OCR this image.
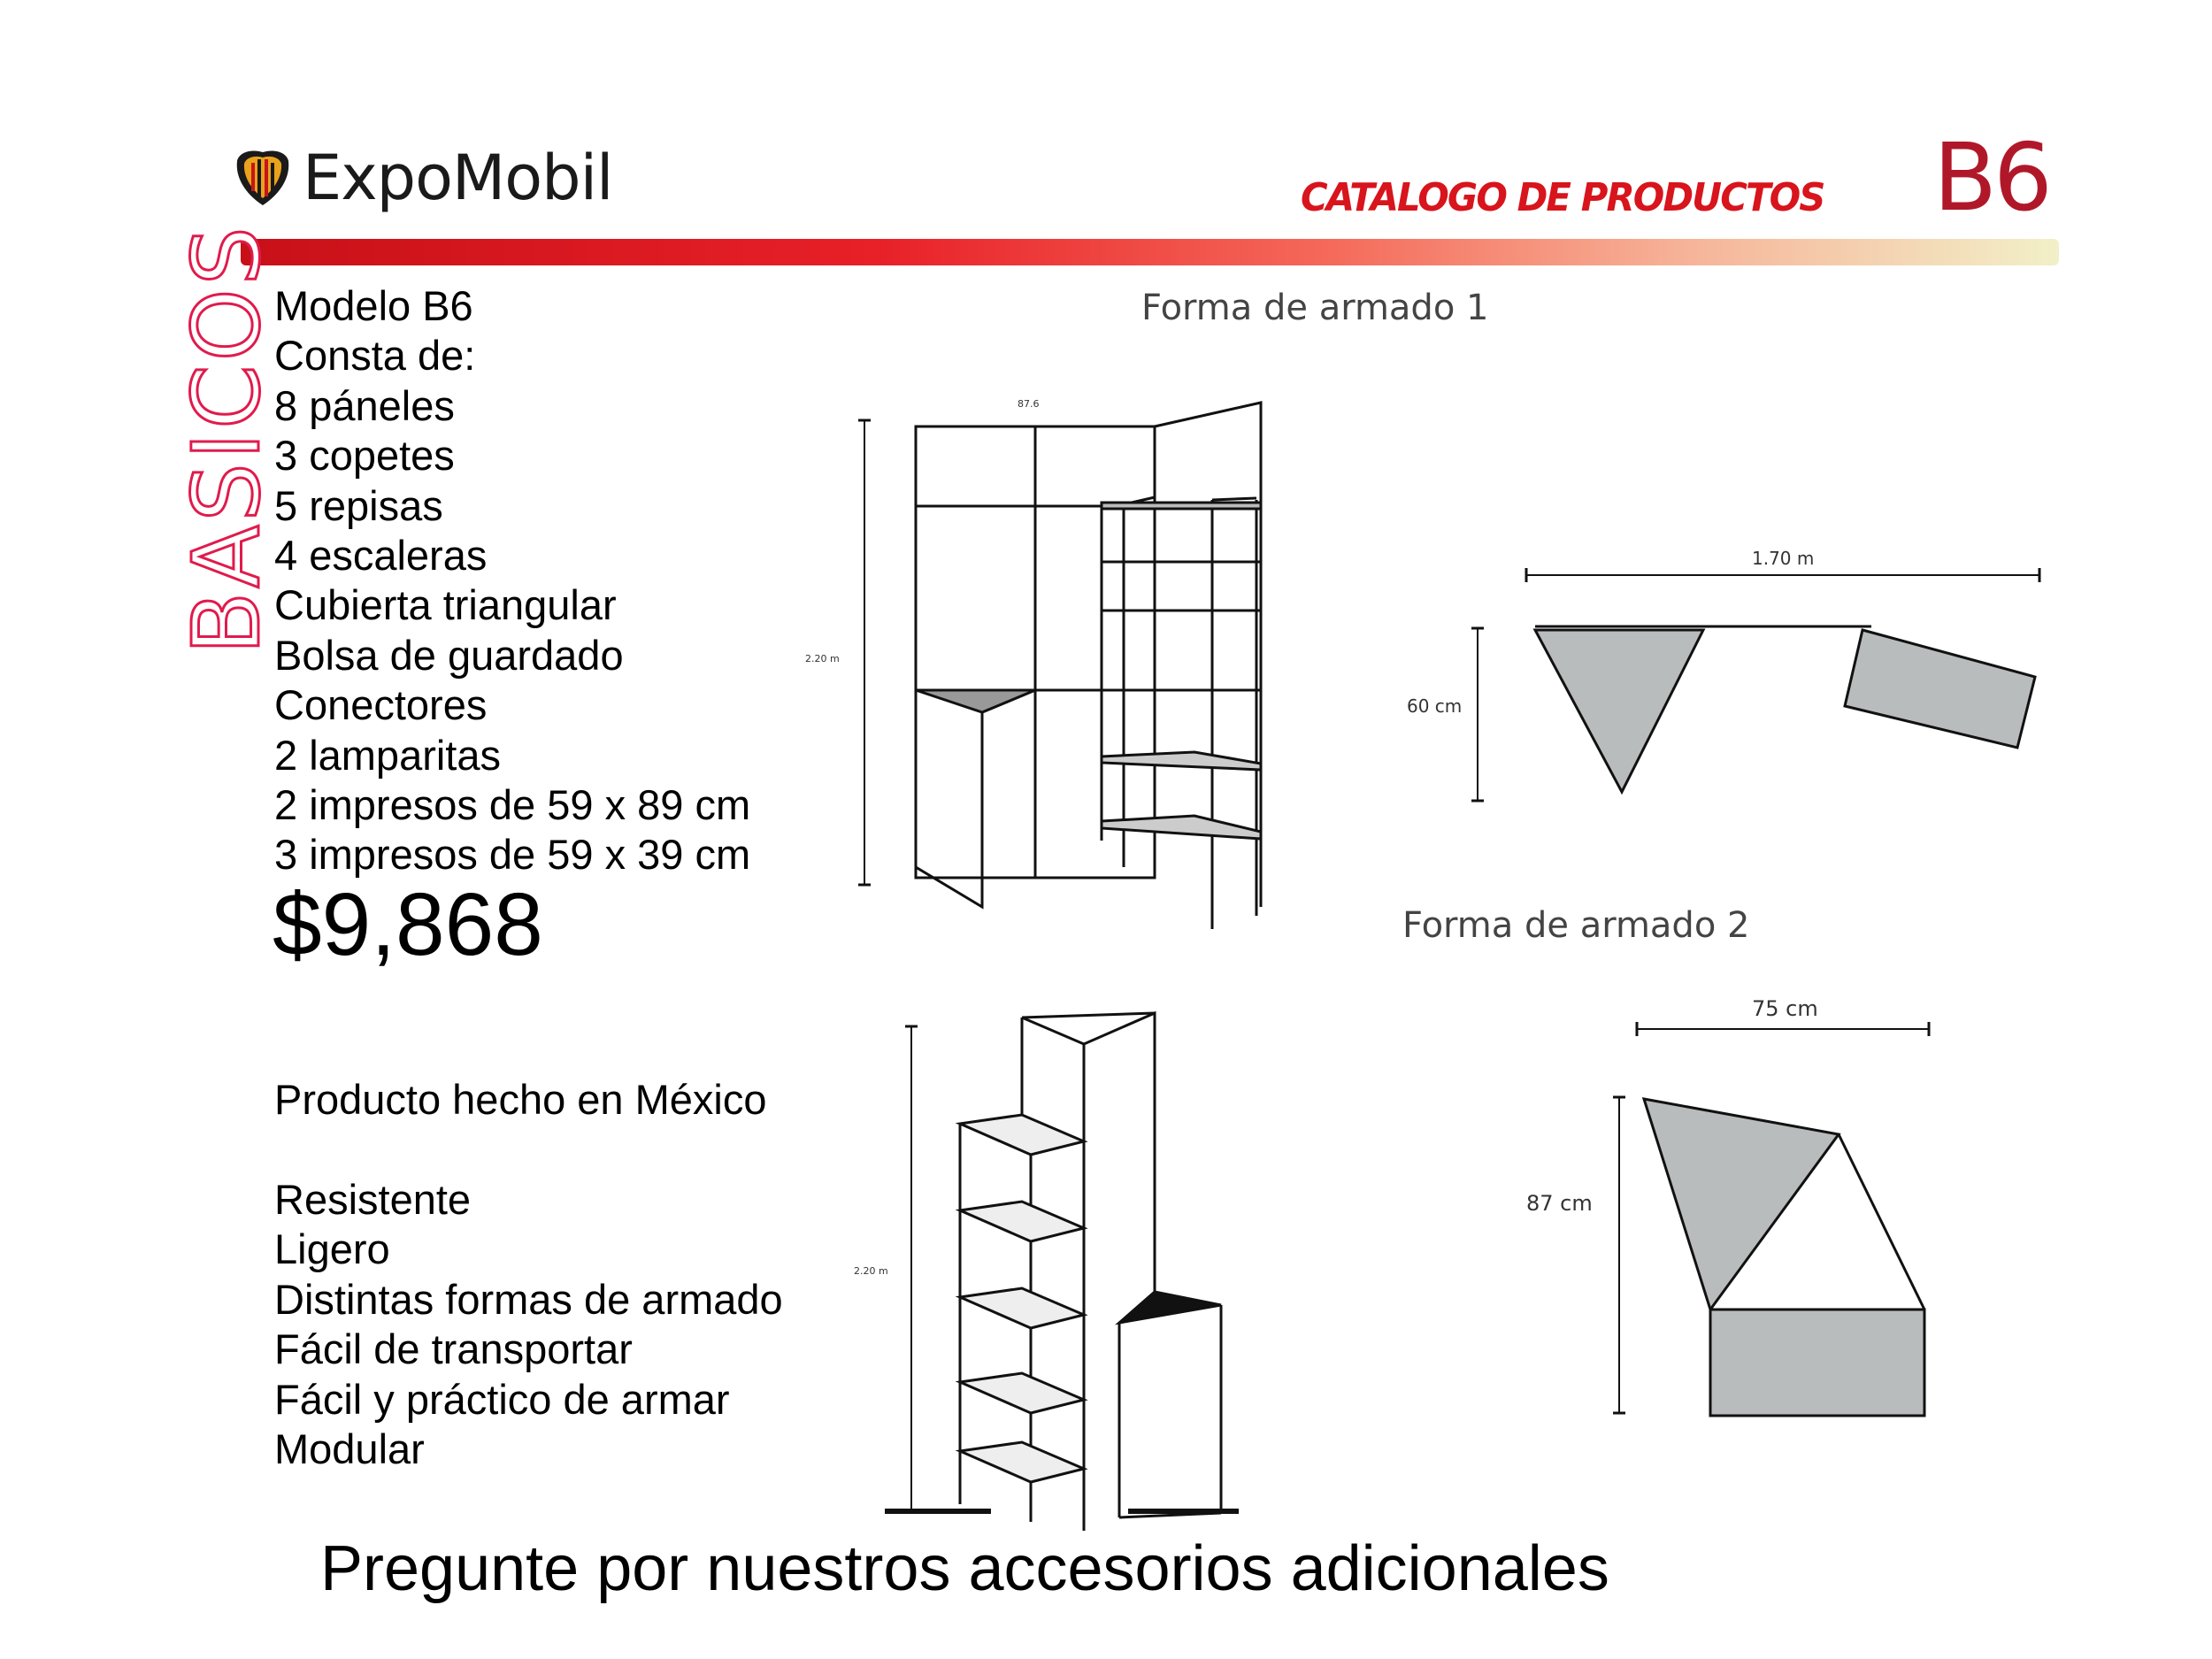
ExpoMobil	CATALOGO DE PRODUCTOS B6
BASICOS
Modelo B6
Consta de:
8 páneles
3 copetes
5 repisas
4 escaleras
Cubierta triangular
Bolsa de guardado
Conectores
2 lamparitas
2 impresos de 59 x 89 cm
3 impresos de 59 x 39 cm
$9,868
Producto hecho en México
Resistente
Ligero
Distintas formas de armado
Fácil de transportar
Fácil y práctico de armar
Modular
Forma de armado 1
Forma de armado 2
2.20 m
87.6
1.70 m
60 cm
2.20 m
75 cm
87 cm
Pregunte por nuestros accesorios adicionales
